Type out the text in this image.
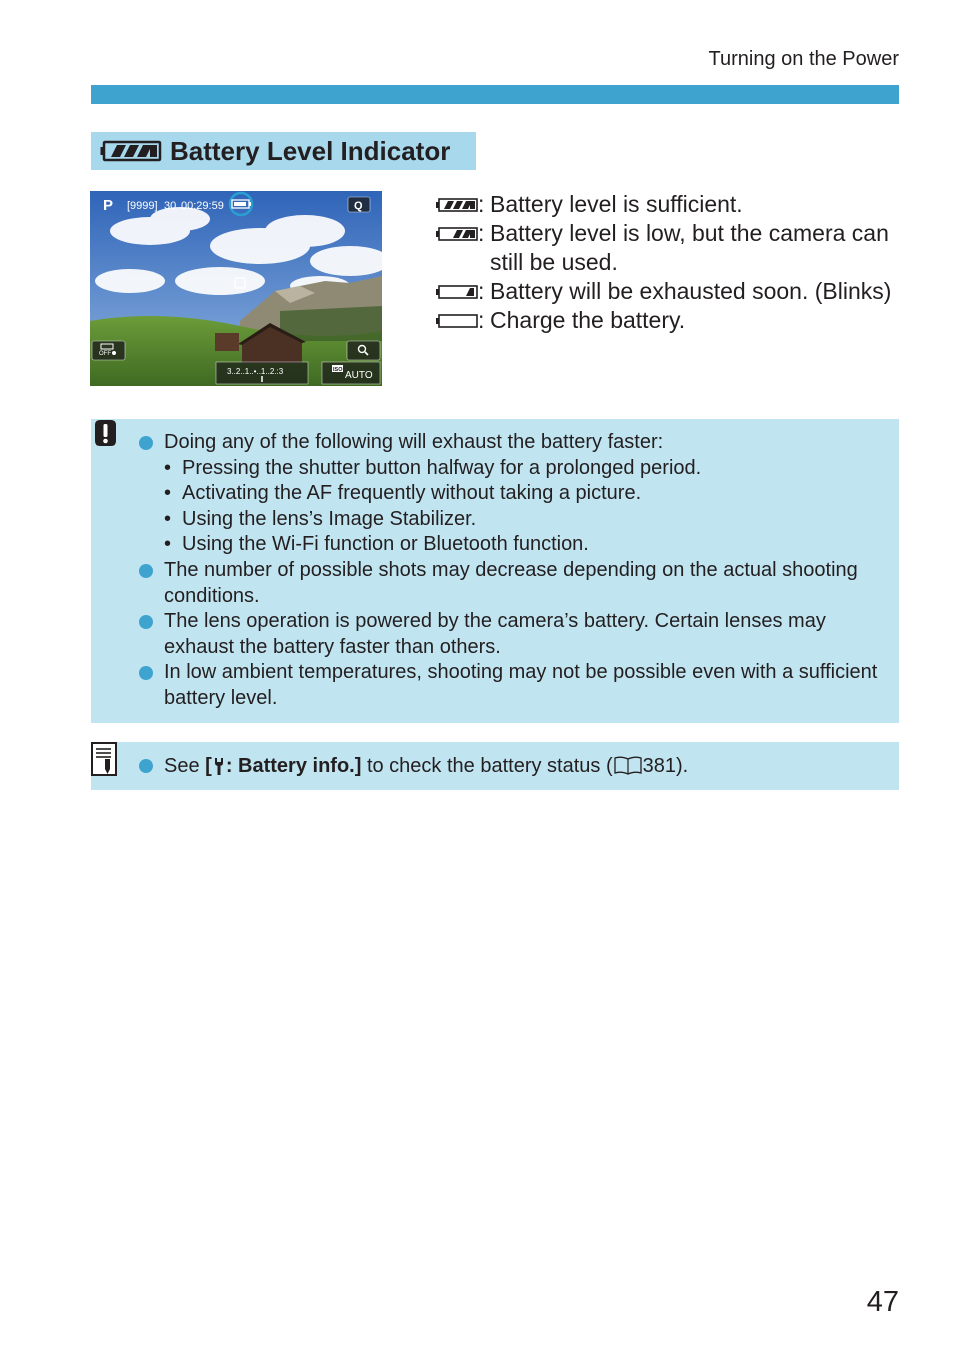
Turning on the Power
Battery Level Indicator
P [9999] 30 00:29:59	Q
OFF
3..2..1..•..1..2.:3	ISO AUTO
: Battery level is sufficient.
: Battery level is low, but the camera can still be used.
: Battery will be exhausted soon. (Blinks)
: Charge the battery.
Doing any of the following will exhaust the battery faster:
• Pressing the shutter button halfway for a prolonged period.
• Activating the AF frequently without taking a picture.
• Using the lens’s Image Stabilizer.
• Using the Wi-Fi function or Bluetooth function.
The number of possible shots may decrease depending on the actual shooting conditions.
The lens operation is powered by the camera’s battery. Certain lenses may exhaust the battery faster than others.
In low ambient temperatures, shooting may not be possible even with a sufficient battery level.
See [ : Battery info.] to check the battery status ( 381).
47
